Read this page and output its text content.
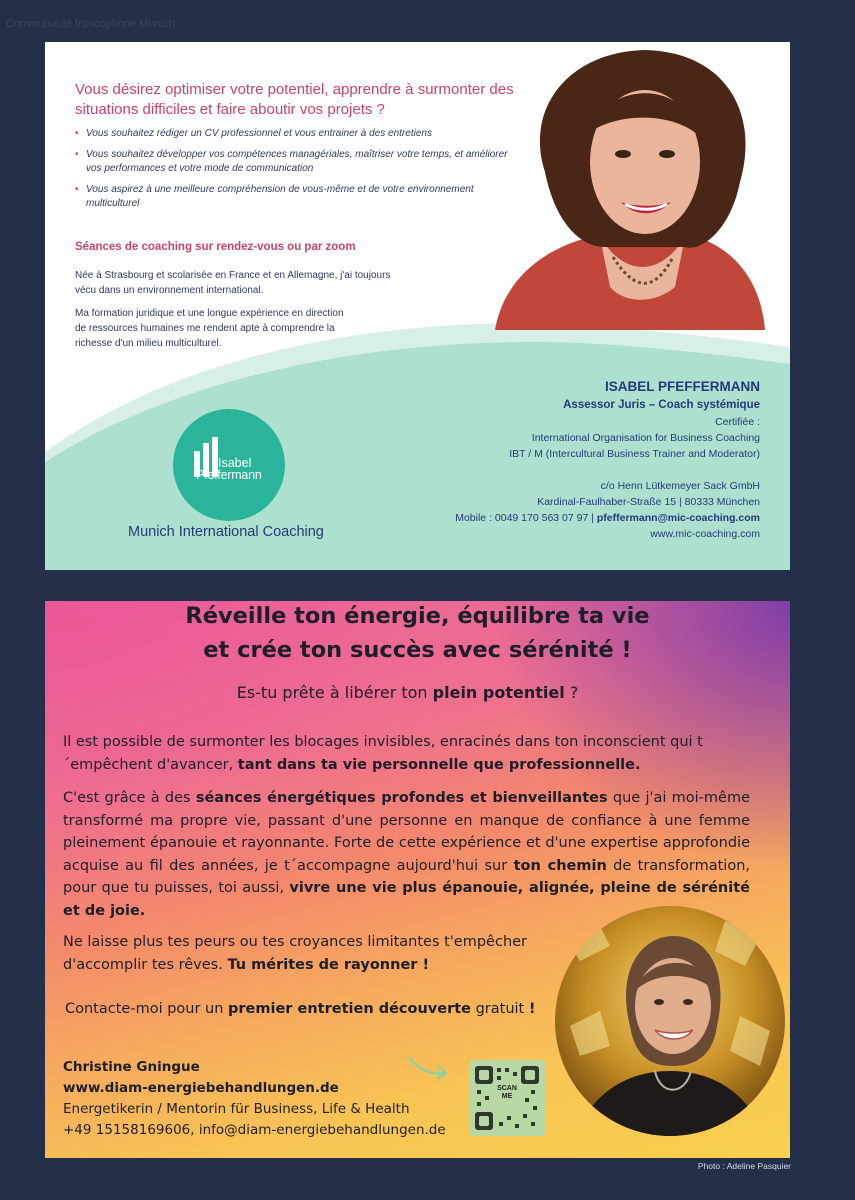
Communauté francophone Munich
Vous désirez optimiser votre potentiel, apprendre à surmonter des situations difficiles et faire aboutir vos projets ?
• Vous souhaitez rédiger un CV professionnel et vous entrainer à des entretiens
• Vous souhaitez développer vos compétences managériales, maîtriser votre temps, et améliorer vos performances et votre mode de communication
• Vous aspirez à une meilleure compréhension de vous-même et de votre environnement multiculturel
Séances de coaching sur rendez-vous ou par zoom
Née à Strasbourg et scolarisée en France et en Allemagne, j'ai toujours vécu dans un environnement international.
Ma formation juridique et une longue expérience en direction de ressources humaines me rendent apte à comprendre la richesse d'un milieu multiculturel.
Isabel
Pfeffermann
Munich International Coaching
ISABEL PFEFFERMANN
Assessor Juris – Coach systémique
Certifiée :
International Organisation for Business Coaching
IBT / M (Intercultural Business Trainer and Moderator)
c/o Henn Lütkemeyer Sack GmbH
Kardinal-Faulhaber-Straße 15 | 80333 München
Mobile : 0049 170 563 07 97 | pfeffermann@mic-coaching.com
www.mic-coaching.com
Réveille ton énergie, équilibre ta vie
et crée ton succès avec sérénité !
Es-tu prête à libérer ton plein potentiel ?
Il est possible de surmonter les blocages invisibles, enracinés dans ton inconscient qui t´empêchent d'avancer, tant dans ta vie personnelle que professionnelle.
C'est grâce à des séances énergétiques profondes et bienveillantes que j'ai moi-même transformé ma propre vie, passant d'une personne en manque de confiance à une femme pleinement épanouie et rayonnante. Forte de cette expérience et d'une expertise approfondie acquise au fil des années, je t´accompagne aujourd'hui sur ton chemin de transformation, pour que tu puisses, toi aussi, vivre une vie plus épanouie, alignée, pleine de sérénité et de joie.
Ne laisse plus tes peurs ou tes croyances limitantes t'empêcher d'accomplir tes rêves. Tu mérites de rayonner !
Contacte-moi pour un premier entretien découverte gratuit !
Christine Gningue
www.diam-energiebehandlungen.de
Energetikerin / Mentorin für Business, Life & Health
+49 15158169606, info@diam-energiebehandlungen.de
SCAN ME
Photo : Adeline Pasquier
